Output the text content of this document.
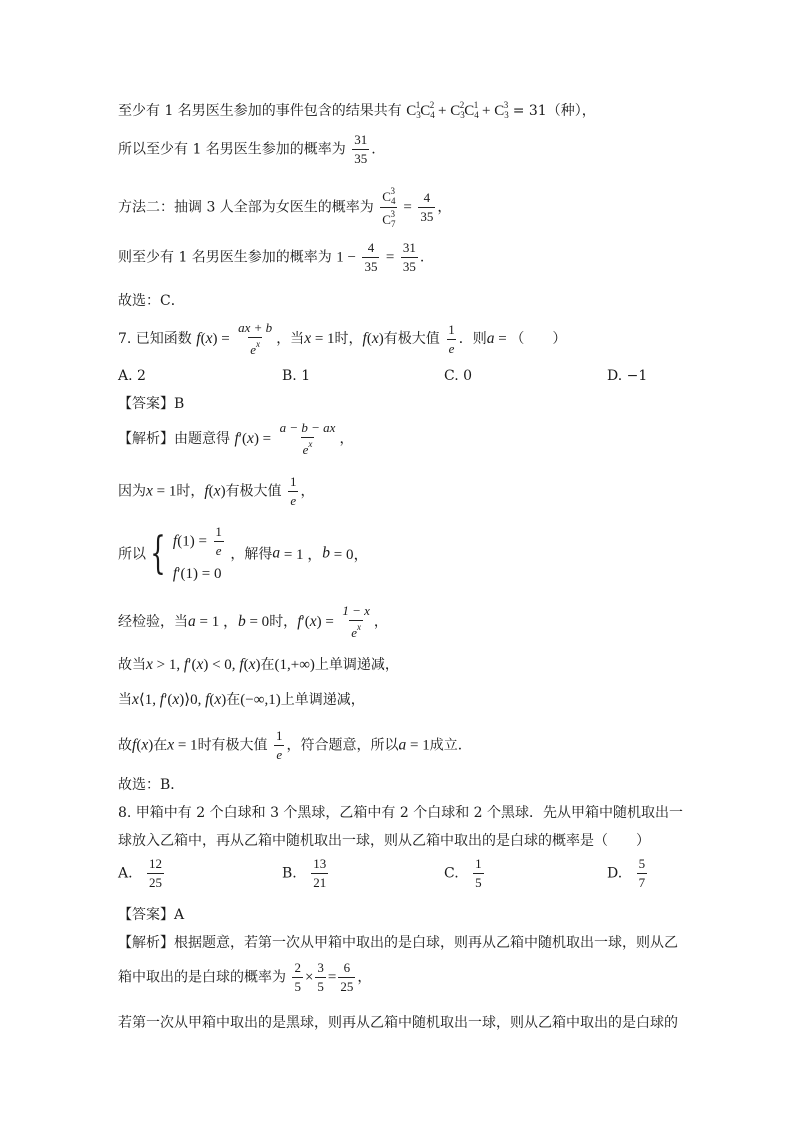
至少有 1 名男医生参加的事件包含的结果共有 $C_3^1C_4^2 + C_3^2C_4^1 + C_3^3 = 31$（种），
所以至少有 1 名男医生参加的概率为 $\frac{31}{35}$ .
方法二：抽调 3 人全部为女医生的概率为 $\frac{C_4^3}{C_7^3} = \frac{4}{35}$ ，
则至少有 1 名男医生参加的概率为 $1 - \frac{4}{35} = \frac{31}{35}$ .
故选：C．
7. 已知函数 $f(x) = \frac{ax + b}{e^x}$ ，当x = 1时，f(x)有极大值 $\frac{1}{e}$ ．则a = （　　）
A. 2	B. 1	C. 0	D. −1
【答案】B
【解析】由题意得 $f'(x) = \frac{a - b - ax}{e^x}$ ，
因为x = 1时，f(x)有极大值 $\frac{1}{e}$ ，
所以 { $f(1) = \frac{1}{e}$
f′(1) = 0
，解得a = 1 ，b = 0，
经检验，当a = 1 ，b = 0时，$f'(x) = \frac{1 - x}{e^x}$ ，
故当x > 1, f′(x) < 0, f(x)在(1,+∞)上单调递减，
当x⟨1, f′(x)⟩0, f(x)在(−∞,1)上单调递减，
故f(x)在x = 1时有极大值 $\frac{1}{e}$ ，符合题意，所以a = 1成立．
故选：B．
8. 甲箱中有 2 个白球和 3 个黑球，乙箱中有 2 个白球和 2 个黑球．先从甲箱中随机取出一
球放入乙箱中，再从乙箱中随机取出一球，则从乙箱中取出的是白球的概率是（　　）
A. $\frac{12}{25}$	B. $\frac{13}{21}$	C. $\frac{1}{5}$	D. $\frac{5}{7}$
【答案】A
【解析】根据题意，若第一次从甲箱中取出的是白球，则再从乙箱中随机取出一球，则从乙
箱中取出的是白球的概率为 $\frac{2}{5} \times \frac{3}{5} = \frac{6}{25}$ ，
若第一次从甲箱中取出的是黑球，则再从乙箱中随机取出一球，则从乙箱中取出的是白球的
